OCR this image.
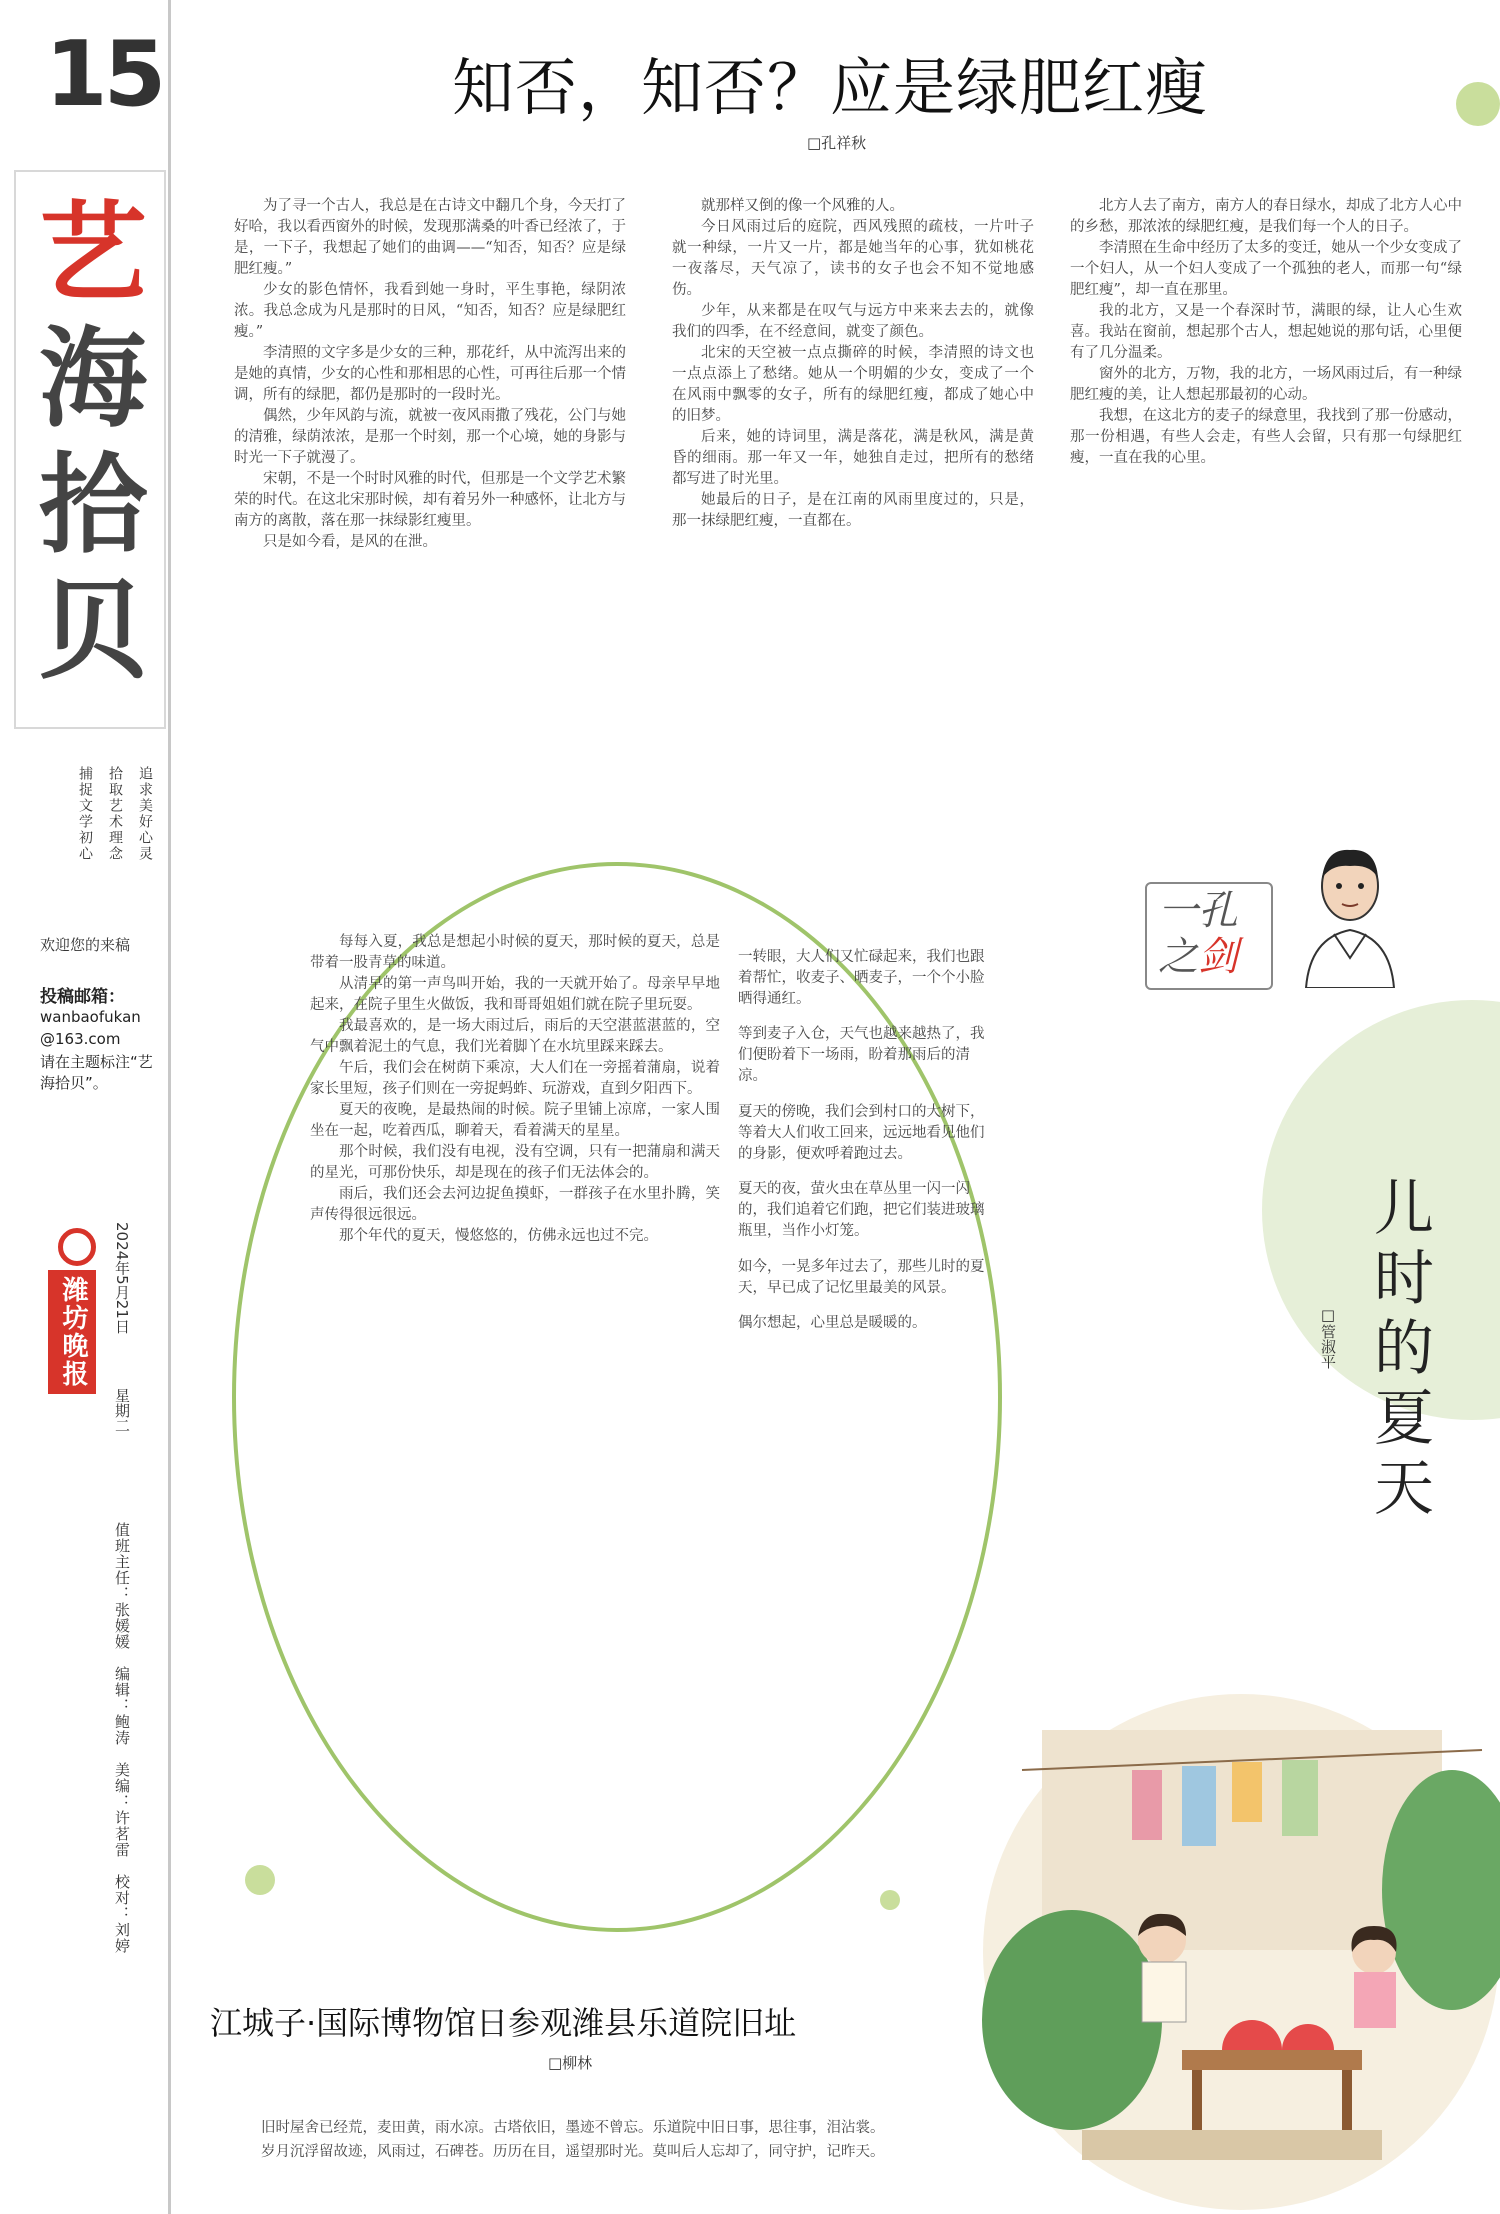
15
艺
海
拾
贝
追求美好心灵
拾取艺术理念
捕捉文学初心
欢迎您的来稿
投稿邮箱：
wanbaofukan
@163.com
请在主题标注“艺海拾贝”。
潍坊晚报	2024年5月21日
星期二
值班主任：张媛媛　编辑：鲍涛　美编：许茗雷　校对：刘婷
知否，知否？应是绿肥红瘦
□孔祥秋

为了寻一个古人，我总是在古诗文中翻几个身，今天打了好哈，我以看西窗外的时候，发现那满桑的叶香已经浓了，于是，一下子，我想起了她们的曲调——“知否，知否？应是绿肥红瘦。”

少女的影色情怀，我看到她一身时，平生事艳，绿阴浓浓。我总念成为凡是那时的日风，“知否，知否？应是绿肥红瘦。”

李清照的文字多是少女的三种，那花纤，从中流泻出来的是她的真情，少女的心性和那相思的心性，可再往后那一个情调，所有的绿肥，都仍是那时的一段时光。

偶然，少年风韵与流，就被一夜风雨撒了残花，公门与她的清雅，绿荫浓浓，是那一个时刻，那一个心境，她的身影与时光一下子就漫了。

宋朝，不是一个时时风雅的时代，但那是一个文学艺术繁荣的时代。在这北宋那时候，却有着另外一种感怀，让北方与南方的离散，落在那一抹绿影红瘦里。

只是如今看，是风的在泄。

就那样又倒的像一个风雅的人。

今日风雨过后的庭院，西风残照的疏枝，一片叶子就一种绿，一片又一片，都是她当年的心事，犹如桃花一夜落尽，天气凉了，读书的女子也会不知不觉地感伤。

少年，从来都是在叹气与远方中来来去去的，就像我们的四季，在不经意间，就变了颜色。

北宋的天空被一点点撕碎的时候，李清照的诗文也一点点添上了愁绪。她从一个明媚的少女，变成了一个在风雨中飘零的女子，所有的绿肥红瘦，都成了她心中的旧梦。

后来，她的诗词里，满是落花，满是秋风，满是黄昏的细雨。那一年又一年，她独自走过，把所有的愁绪都写进了时光里。

她最后的日子，是在江南的风雨里度过的，只是，那一抹绿肥红瘦，一直都在。

北方人去了南方，南方人的春日绿水，却成了北方人心中的乡愁，那浓浓的绿肥红瘦，是我们每一个人的日子。

李清照在生命中经历了太多的变迁，她从一个少女变成了一个妇人，从一个妇人变成了一个孤独的老人，而那一句“绿肥红瘦”，却一直在那里。

我的北方，又是一个春深时节，满眼的绿，让人心生欢喜。我站在窗前，想起那个古人，想起她说的那句话，心里便有了几分温柔。

窗外的北方，万物，我的北方，一场风雨过后，有一种绿肥红瘦的美，让人想起那最初的心动。

我想，在这北方的麦子的绿意里，我找到了那一份感动，那一份相遇，有些人会走，有些人会留，只有那一句绿肥红瘦，一直在我的心里。

一孔
之剑

每每入夏，我总是想起小时候的夏天，那时候的夏天，总是带着一股青草的味道。

从清早的第一声鸟叫开始，我的一天就开始了。母亲早早地起来，在院子里生火做饭，我和哥哥姐姐们就在院子里玩耍。

我最喜欢的，是一场大雨过后，雨后的天空湛蓝湛蓝的，空气中飘着泥土的气息，我们光着脚丫在水坑里踩来踩去。

午后，我们会在树荫下乘凉，大人们在一旁摇着蒲扇，说着家长里短，孩子们则在一旁捉蚂蚱、玩游戏，直到夕阳西下。

夏天的夜晚，是最热闹的时候。院子里铺上凉席，一家人围坐在一起，吃着西瓜，聊着天，看着满天的星星。

那个时候，我们没有电视，没有空调，只有一把蒲扇和满天的星光，可那份快乐，却是现在的孩子们无法体会的。

雨后，我们还会去河边捉鱼摸虾，一群孩子在水里扑腾，笑声传得很远很远。

那个年代的夏天，慢悠悠的，仿佛永远也过不完。

一转眼，大人们又忙碌起来，我们也跟着帮忙，收麦子、晒麦子，一个个小脸晒得通红。

等到麦子入仓，天气也越来越热了，我们便盼着下一场雨，盼着那雨后的清凉。

夏天的傍晚，我们会到村口的大树下，等着大人们收工回来，远远地看见他们的身影，便欢呼着跑过去。

夏天的夜，萤火虫在草丛里一闪一闪的，我们追着它们跑，把它们装进玻璃瓶里，当作小灯笼。

如今，一晃多年过去了，那些儿时的夏天，早已成了记忆里最美的风景。

偶尔想起，心里总是暖暖的。	儿时的夏天
□管淑平
江城子·国际博物馆日参观潍县乐道院旧址
□柳林

旧时屋舍已经荒，麦田黄，雨水凉。古塔依旧，墨迹不曾忘。乐道院中旧日事，思往事，泪沾裳。

岁月沉浮留故迹，风雨过，石碑苍。历历在目，遥望那时光。莫叫后人忘却了，同守护，记昨天。
